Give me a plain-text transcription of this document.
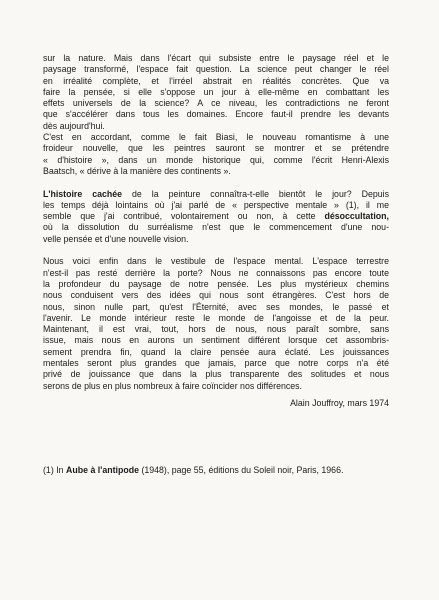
sur la nature. Mais dans l'écart qui subsiste entre le paysage réel et le
paysage transformé, l'espace fait question. La science peut changer le réel
en irréalité complète, et l'irréel abstrait en réalités concrètes. Que va
faire la pensée, si elle s'oppose un jour à elle-même en combattant les
effets universels de la science? A ce niveau, les contradictions ne feront
que s'accélérer dans tous les domaines. Encore faut-il prendre les devants
dès aujourd'hui.
C'est en accordant, comme le fait Biasi, le nouveau romantisme à une
froideur nouvelle, que les peintres sauront se montrer et se prétendre
« d'histoire », dans un monde historique qui, comme l'écrit Henri-Alexis
Baatsch, « dérive à la manière des continents ».
L'histoire cachée de la peinture connaîtra-t-elle bientôt le jour? Depuis
les temps déjà lointains où j'ai parlé de « perspective mentale » (1), il me
semble que j'ai contribué, volontairement ou non, à cette désoccultation,
où la dissolution du surréalisme n'est que le commencement d'une nou-
velle pensée et d'une nouvelle vision.
Nous voici enfin dans le vestibule de l'espace mental. L'espace terrestre
n'est-il pas resté derrière la porte? Nous ne connaissons pas encore toute
la profondeur du paysage de notre pensée. Les plus mystérieux chemins
nous conduisent vers des idées qui nous sont étrangères. C'est hors de
nous, sinon nulle part, qu'est l'Éternité, avec ses mondes, le passé et
l'avenir. Le monde intérieur reste le monde de l'angoisse et de la peur.
Maintenant, il est vrai, tout, hors de nous, nous paraît sombre, sans
issue, mais nous en aurons un sentiment différent lorsque cet assombris-
sement prendra fin, quand la claire pensée aura éclaté. Les jouissances
mentales seront plus grandes que jamais, parce que notre corps n'a été
privé de jouissance que dans la plus transparente des solitudes et nous
serons de plus en plus nombreux à faire coïncider nos différences.
Alain Jouffroy, mars 1974
(1) In Aube à l'antipode (1948), page 55, éditions du Soleil noir, Paris, 1966.
